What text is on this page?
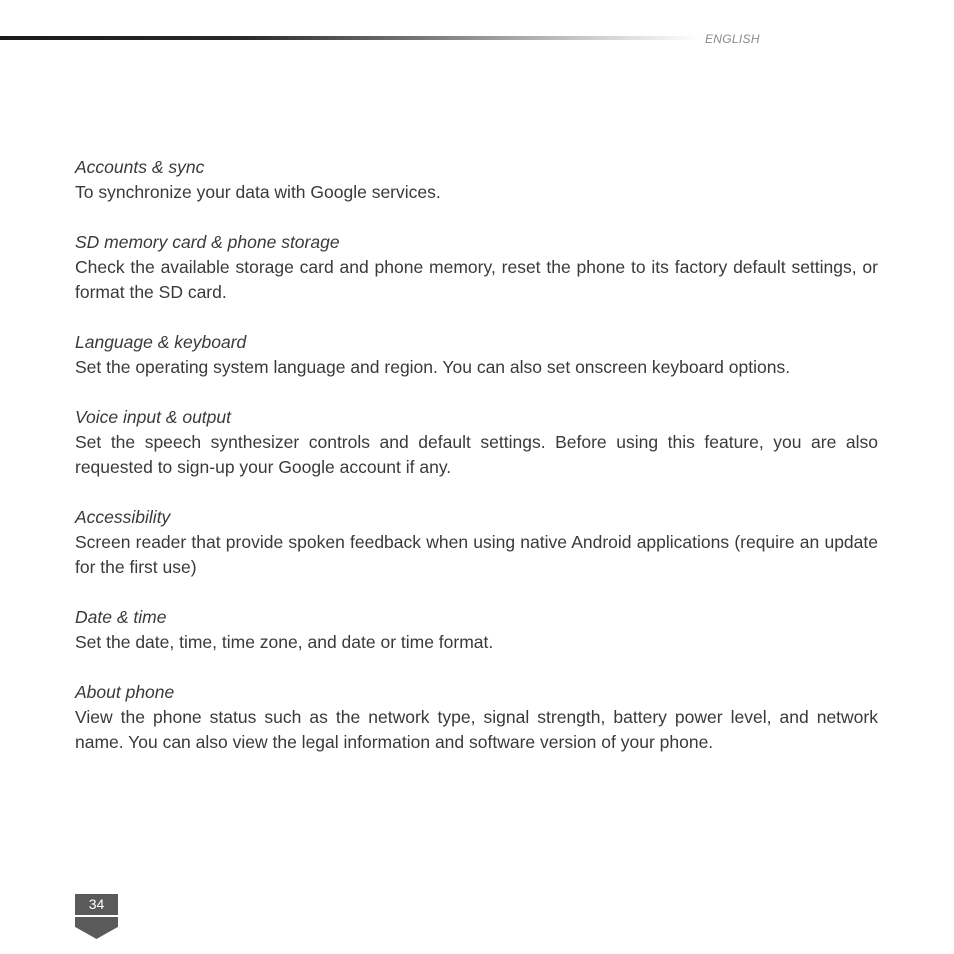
ENGLISH
Accounts & sync
To synchronize your data with Google services.
SD memory card & phone storage
Check the available storage card and phone memory, reset the phone to its factory default settings, or format the SD card.
Language & keyboard
Set the operating system language and region. You can also set onscreen keyboard options.
Voice input & output
Set the speech synthesizer controls and default settings. Before using this feature, you are also requested to sign-up your Google account if any.
Accessibility
Screen reader that provide spoken feedback when using native Android applications (require an update for the first use)
Date & time
Set the date, time, time zone, and date or time format.
About phone
View the phone status such as the network type, signal strength, battery power level, and network name. You can also view the legal information and software version of your phone.
34
